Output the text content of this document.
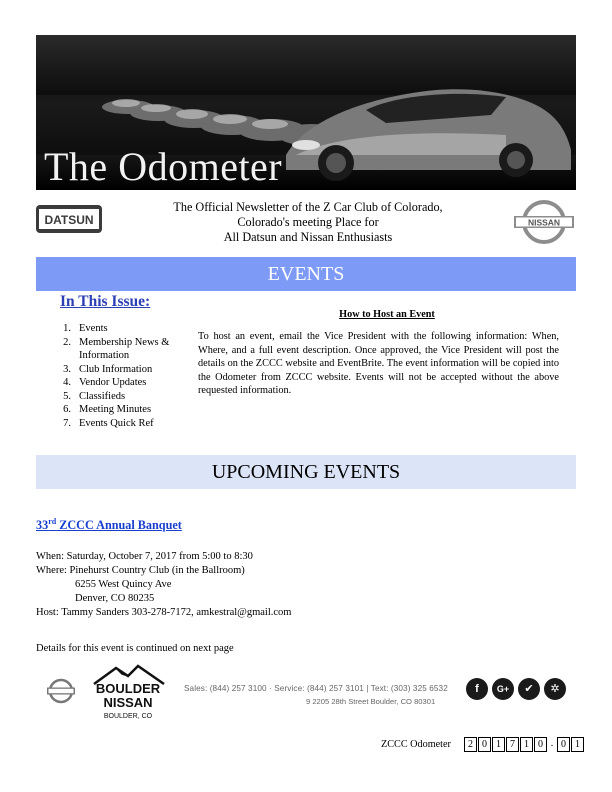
The Odometer
DATSUN
The Official Newsletter of the Z Car Club of Colorado,
Colorado's meeting Place for
All Datsun and Nissan Enthusiasts
NISSAN
EVENTS
In This Issue:
1. Events
2. Membership News &
Information
3. Club Information
4. Vendor Updates
5. Classifieds
6. Meeting Minutes
7. Events Quick Ref
How to Host an Event
To host an event, email the Vice President with the following information: When, Where, and a full event description. Once approved, the Vice President will post the details on the ZCCC website and EventBrite. The event information will be copied into the Odometer from ZCCC website. Events will not be accepted without the above requested information.
UPCOMING EVENTS
33rd ZCCC Annual Banquet
When: Saturday, October 7, 2017 from 5:00 to 8:30
Where: Pinehurst Country Club (in the Ballroom)
6255 West Quincy Ave
Denver, CO 80235
Host: Tammy Sanders 303-278-7172, amkestral@gmail.com
Details for this event is continued on next page
BOULDER
NISSAN
BOULDER, CO
Sales: (844) 257 3100 · Service: (844) 257 3101 | Text: (303) 325 6532
9 2205 28th Street Boulder, CO 80301
f	G+	✔	✲
ZCCC Odometer	2 0 1 7 1 0 . 0 1
